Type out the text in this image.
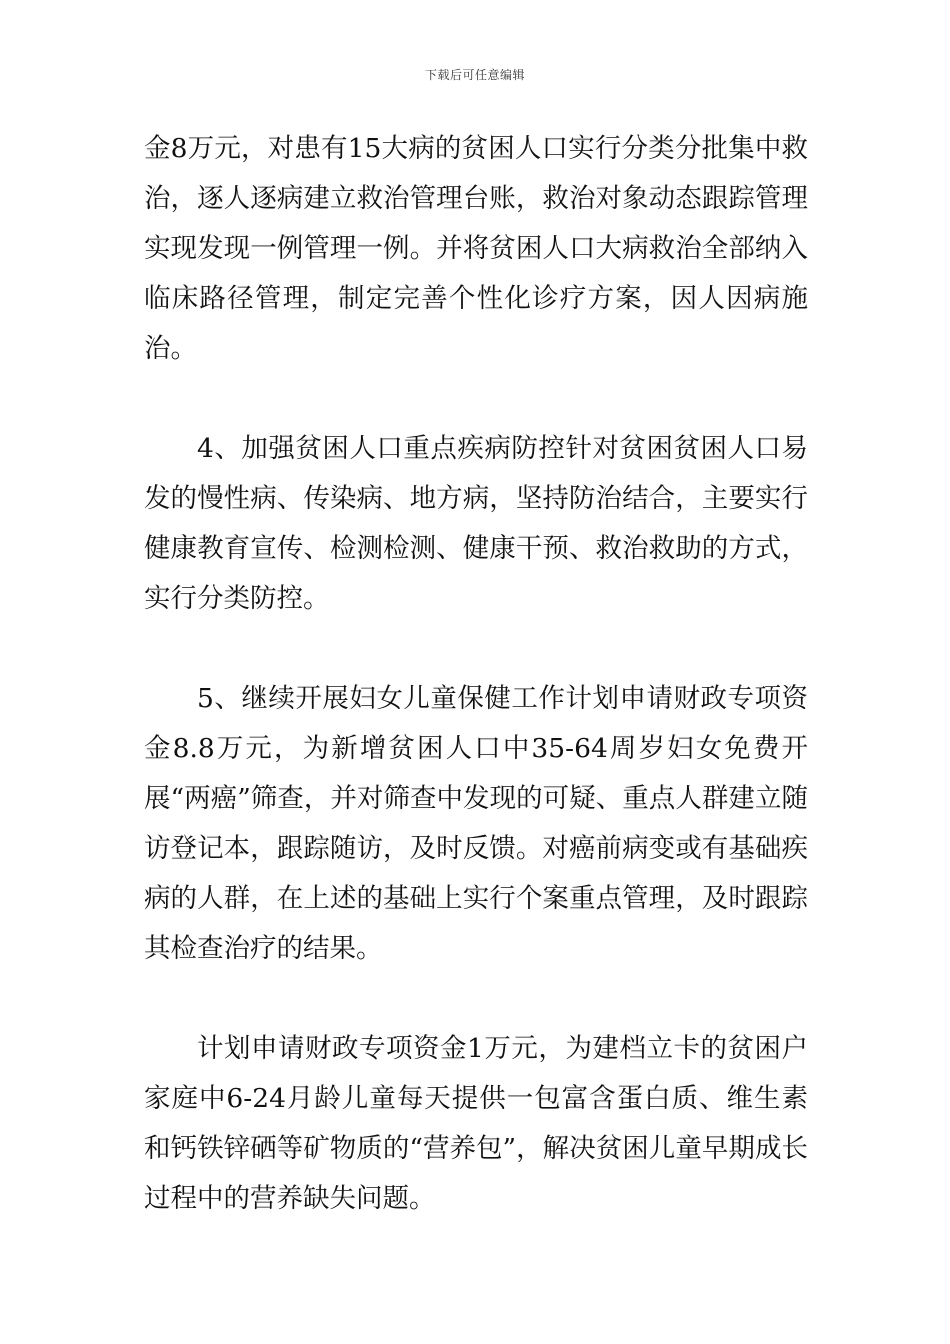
下载后可任意编辑

金8万元，对患有15大病的贫困人口实行分类分批集中救治，逐人逐病建立救治管理台账，救治对象动态跟踪管理实现发现一例管理一例。并将贫困人口大病救治全部纳入临床路径管理，制定完善个性化诊疗方案，因人因病施治。

4、加强贫困人口重点疾病防控针对贫困贫困人口易发的慢性病、传染病、地方病，坚持防治结合，主要实行健康教育宣传、检测检测、健康干预、救治救助的方式，实行分类防控。

5、继续开展妇女儿童保健工作计划申请财政专项资金8.8万元，为新增贫困人口中35-64周岁妇女免费开展“两癌”筛查，并对筛查中发现的可疑、重点人群建立随访登记本，跟踪随访，及时反馈。对癌前病变或有基础疾病的人群，在上述的基础上实行个案重点管理，及时跟踪其检查治疗的结果。

计划申请财政专项资金1万元，为建档立卡的贫困户家庭中6-24月龄儿童每天提供一包富含蛋白质、维生素和钙铁锌硒等矿物质的“营养包”，解决贫困儿童早期成长过程中的营养缺失问题。
